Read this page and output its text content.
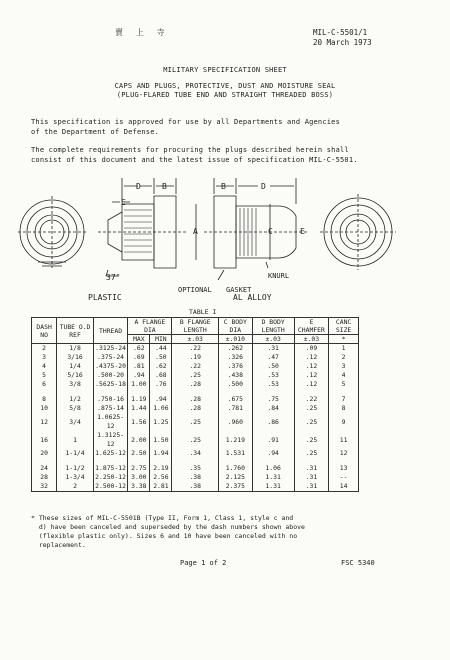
賣 上 寺	MIL-C-5501/1
20 March 1973
MILITARY SPECIFICATION SHEET
CAPS AND PLUGS, PROTECTIVE, DUST AND MOISTURE SEAL
(PLUG-FLARED TUBE END AND STRAIGHT THREADED BOSS)
This specification is approved for use by all Departments and Agencies
of the Department of Defense.
The complete requirements for procuring the plugs described herein shall
consist of this document and the latest issue of specification MIL-C-5501.
D	B
E
A
B	D
C	E
37°	KNURL
OPTIONAL GASKET
PLASTIC	AL ALLOY
TABLE I
DASH NO	TUBE O.D REF	THREAD	A FLANGE DIA		B FLANGE LENGTH	C BODY DIA	D BODY LENGTH	E CHAMFER	CANC SIZE
			MAX	MIN	±.03	±.010	±.03	±.03	*
2	1/8	.3125-24	.62	.44	.22	.262	.31	.09	1
3	3/16	.375-24	.69	.50	.19	.326	.47	.12	2
4	1/4	.4375-20	.81	.62	.22	.376	.50	.12	3
5	5/16	.500-20	.94	.68	.25	.438	.53	.12	4
6	3/8	.5625-18	1.00	.76	.28	.500	.53	.12	5

8	1/2	.750-16	1.19	.94	.28	.675	.75	.22	7
10	5/8	.875-14	1.44	1.06	.28	.781	.84	.25	8
12	3/4	1.0625-12	1.56	1.25	.25	.960	.86	.25	9
16	1	1.3125-12	2.00	1.50	.25	1.219	.91	.25	11
20	1-1/4	1.625-12	2.50	1.94	.34	1.531	.94	.25	12

24	1-1/2	1.875-12	2.75	2.19	.35	1.760	1.06	.31	13
28	1-3/4	2.250-12	3.00	2.56	.38	2.125	1.31	.31	--
32	2	2.500-12	3.38	2.81	.38	2.375	1.31	.31	14
* These sizes of MIL-C-5501B (Type II, Form 1, Class 1, style c and
d) have been canceled and superseded by the dash numbers shown above
(flexible plastic only). Sizes 6 and 10 have been canceled with no
replacement.
Page 1 of 2	FSC 5340
